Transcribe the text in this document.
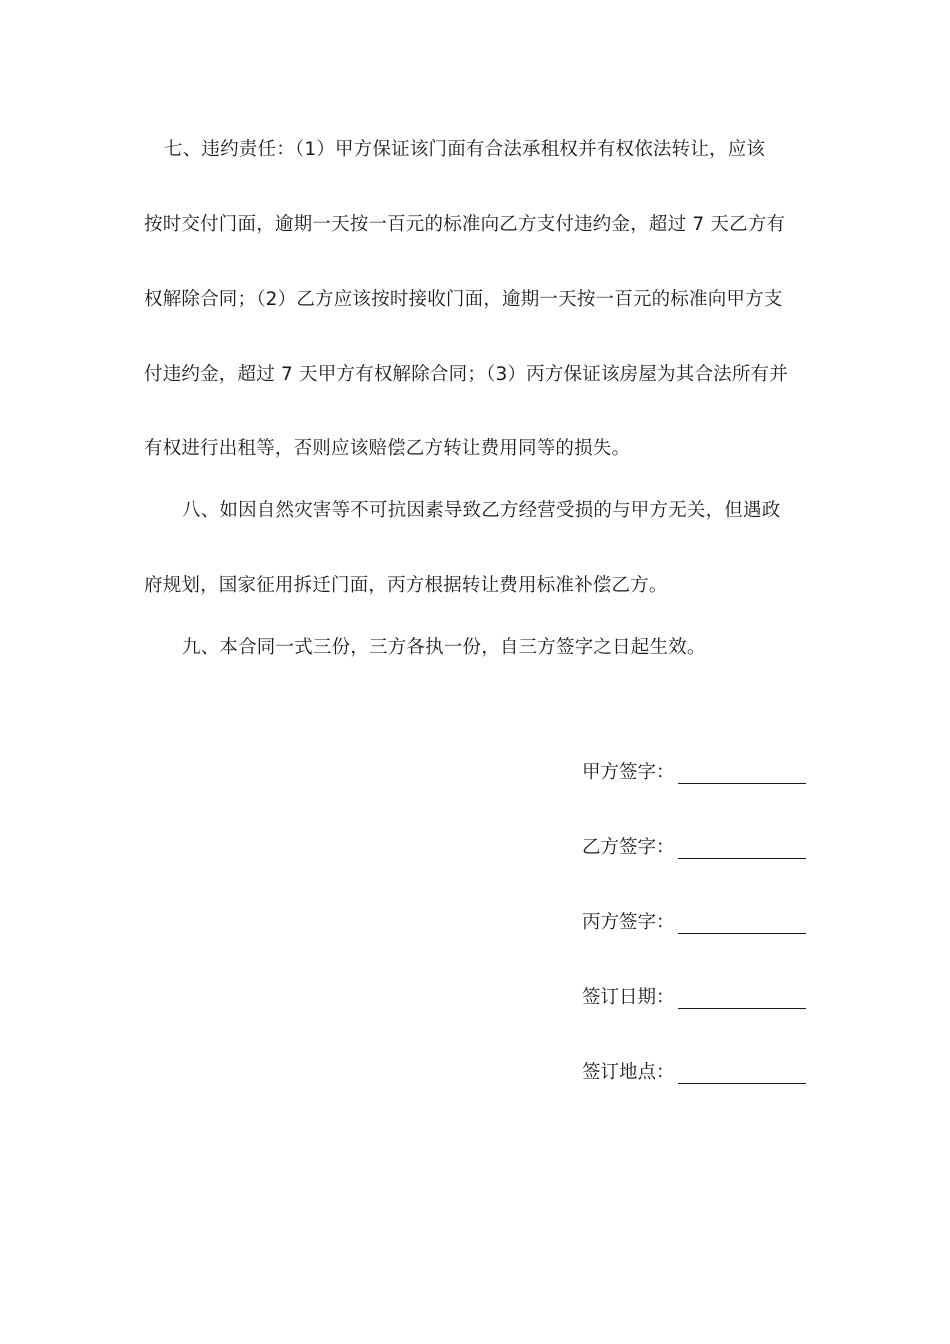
七、违约责任：（1）甲方保证该门面有合法承租权并有权依法转让，应该
按时交付门面，逾期一天按一百元的标准向乙方支付违约金，超过 7 天乙方有
权解除合同；（2）乙方应该按时接收门面，逾期一天按一百元的标准向甲方支
付违约金，超过 7 天甲方有权解除合同；（3）丙方保证该房屋为其合法所有并
有权进行出租等，否则应该赔偿乙方转让费用同等的损失。
八、如因自然灾害等不可抗因素导致乙方经营受损的与甲方无关，但遇政
府规划，国家征用拆迁门面，丙方根据转让费用标准补偿乙方。
九、本合同一式三份，三方各执一份，自三方签字之日起生效。
甲方签字：
乙方签字：
丙方签字：
签订日期：
签订地点：
